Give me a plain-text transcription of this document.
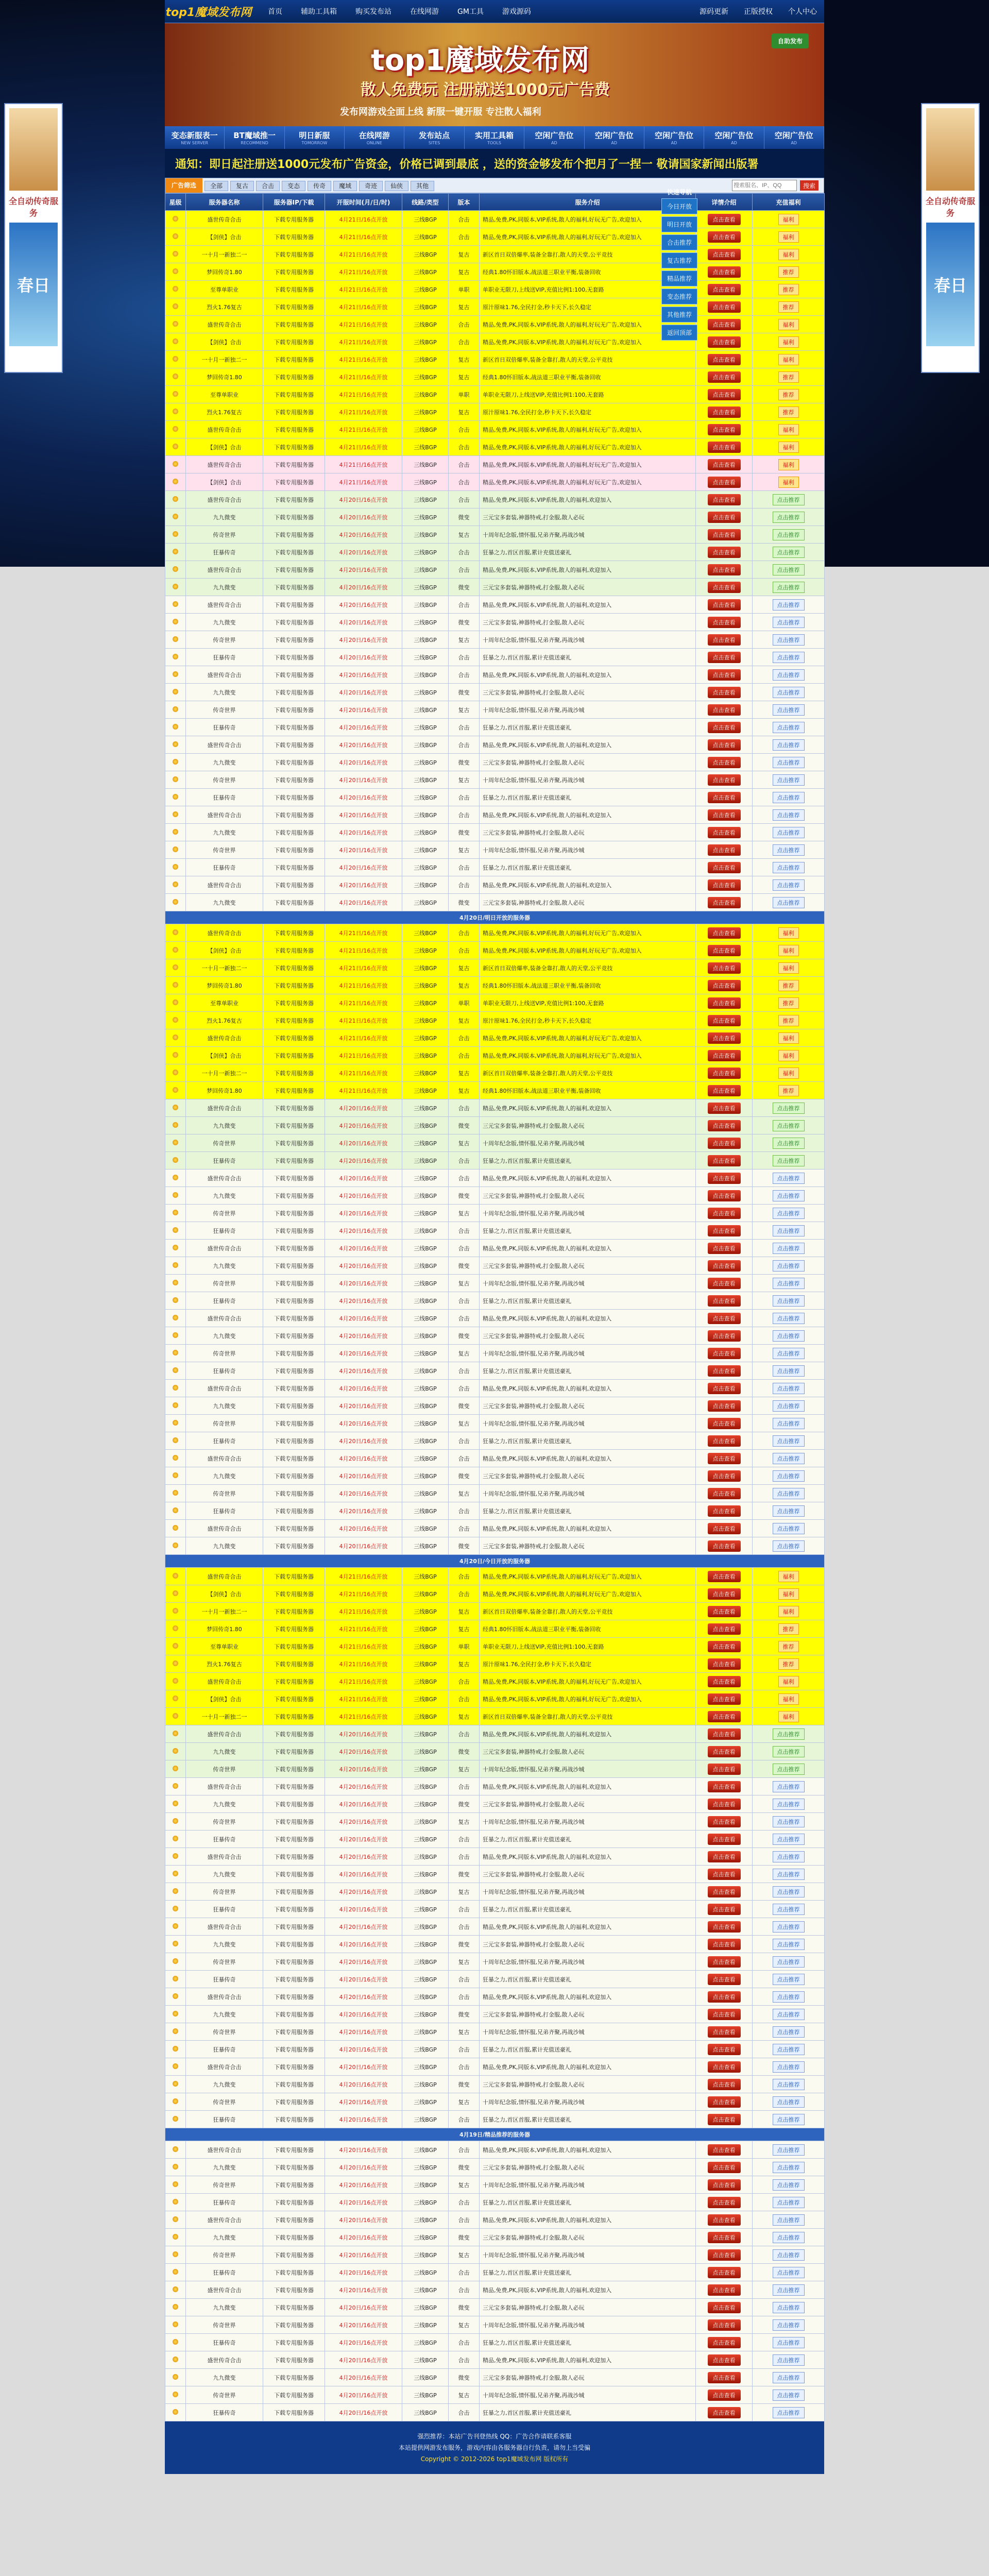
全自动传奇服务
春日
全自动传奇服务
春日
top1魔域发布网 首页	辅助工具箱	购买发布站	在线网游	GM工具	游戏源码	源码更新 正版授权 个人中心
top1魔域发布网
散人免费玩 注册就送1000元广告费
发布网游戏全面上线 新服一键开服 专注散人福利
自助发布
变态新服表一
NEW SERVER
BT魔域推一
RECOMMEND
明日新服
TOMORROW
在线网游
ONLINE
发布站点
SITES
实用工具箱
TOOLS
空闲广告位
AD
空闲广告位
AD
空闲广告位
AD
空闲广告位
AD
空闲广告位
AD
通知：即日起注册送1000元发布广告资金，价格已调到最底 ，送的资金够发布个把月了一捏一 敬请国家新闻出版署
广告筛选	全部 复古 合击 变态 传奇 魔域 奇迹 仙侠 其他
搜索服名、IP、QQ	搜索
星级	服务器名称	服务器IP/下载	开服时间(月/日/时)	线路/类型	版本	服务介绍	详情介绍	充值福利
	盛世传奇合击	下载专用服务器	4月21日/16点开放	三线BGP	合击	精品,免费,PK,同版本,VIP系统,散人的福利,好玩无广告,欢迎加入	点击查看	福利
	【剑侠】合击	下载专用服务器	4月21日/16点开放	三线BGP	合击	精品,免费,PK,同版本,VIP系统,散人的福利,好玩无广告,欢迎加入	点击查看	福利
	一十月一新独二一	下载专用服务器	4月21日/16点开放	三线BGP	复古	新区首日双倍爆率,装备全靠打,散人的天堂,公平竞技	点击查看	福利
	梦回传奇1.80	下载专用服务器	4月21日/16点开放	三线BGP	复古	经典1.80怀旧版本,战法道三职业平衡,装备回收	点击查看	推荐
	至尊单职业	下载专用服务器	4月21日/16点开放	三线BGP	单职	单职业无限刀,上线送VIP,充值比例1:100,无套路	点击查看	推荐
	烈火1.76复古	下载专用服务器	4月21日/16点开放	三线BGP	复古	原汁原味1.76,全民打金,秒卡天下,长久稳定	点击查看	推荐
	盛世传奇合击	下载专用服务器	4月21日/16点开放	三线BGP	合击	精品,免费,PK,同版本,VIP系统,散人的福利,好玩无广告,欢迎加入	点击查看	福利
	【剑侠】合击	下载专用服务器	4月21日/16点开放	三线BGP	合击	精品,免费,PK,同版本,VIP系统,散人的福利,好玩无广告,欢迎加入	点击查看	福利
	一十月一新独二一	下载专用服务器	4月21日/16点开放	三线BGP	复古	新区首日双倍爆率,装备全靠打,散人的天堂,公平竞技	点击查看	福利
	梦回传奇1.80	下载专用服务器	4月21日/16点开放	三线BGP	复古	经典1.80怀旧版本,战法道三职业平衡,装备回收	点击查看	推荐
	至尊单职业	下载专用服务器	4月21日/16点开放	三线BGP	单职	单职业无限刀,上线送VIP,充值比例1:100,无套路	点击查看	推荐
	烈火1.76复古	下载专用服务器	4月21日/16点开放	三线BGP	复古	原汁原味1.76,全民打金,秒卡天下,长久稳定	点击查看	推荐
	盛世传奇合击	下载专用服务器	4月21日/16点开放	三线BGP	合击	精品,免费,PK,同版本,VIP系统,散人的福利,好玩无广告,欢迎加入	点击查看	福利
	【剑侠】合击	下载专用服务器	4月21日/16点开放	三线BGP	合击	精品,免费,PK,同版本,VIP系统,散人的福利,好玩无广告,欢迎加入	点击查看	福利
	盛世传奇合击	下载专用服务器	4月21日/16点开放	三线BGP	合击	精品,免费,PK,同版本,VIP系统,散人的福利,好玩无广告,欢迎加入	点击查看	福利
	【剑侠】合击	下载专用服务器	4月21日/16点开放	三线BGP	合击	精品,免费,PK,同版本,VIP系统,散人的福利,好玩无广告,欢迎加入	点击查看	福利
	盛世传奇合击	下载专用服务器	4月20日/16点开放	三线BGP	合击	精品,免费,PK,同版本,VIP系统,散人的福利,欢迎加入	点击查看	点击推荐
	九九微变	下载专用服务器	4月20日/16点开放	三线BGP	微变	三元宝多套装,神器特戒,打金服,散人必玩	点击查看	点击推荐
	传奇世界	下载专用服务器	4月20日/16点开放	三线BGP	复古	十周年纪念版,情怀服,兄弟齐聚,再战沙城	点击查看	点击推荐
	狂暴传奇	下载专用服务器	4月20日/16点开放	三线BGP	合击	狂暴之力,首区首服,累计充值送豪礼	点击查看	点击推荐
	盛世传奇合击	下载专用服务器	4月20日/16点开放	三线BGP	合击	精品,免费,PK,同版本,VIP系统,散人的福利,欢迎加入	点击查看	点击推荐
	九九微变	下载专用服务器	4月20日/16点开放	三线BGP	微变	三元宝多套装,神器特戒,打金服,散人必玩	点击查看	点击推荐
	盛世传奇合击	下载专用服务器	4月20日/16点开放	三线BGP	合击	精品,免费,PK,同版本,VIP系统,散人的福利,欢迎加入	点击查看	点击推荐
	九九微变	下载专用服务器	4月20日/16点开放	三线BGP	微变	三元宝多套装,神器特戒,打金服,散人必玩	点击查看	点击推荐
	传奇世界	下载专用服务器	4月20日/16点开放	三线BGP	复古	十周年纪念版,情怀服,兄弟齐聚,再战沙城	点击查看	点击推荐
	狂暴传奇	下载专用服务器	4月20日/16点开放	三线BGP	合击	狂暴之力,首区首服,累计充值送豪礼	点击查看	点击推荐
	盛世传奇合击	下载专用服务器	4月20日/16点开放	三线BGP	合击	精品,免费,PK,同版本,VIP系统,散人的福利,欢迎加入	点击查看	点击推荐
	九九微变	下载专用服务器	4月20日/16点开放	三线BGP	微变	三元宝多套装,神器特戒,打金服,散人必玩	点击查看	点击推荐
	传奇世界	下载专用服务器	4月20日/16点开放	三线BGP	复古	十周年纪念版,情怀服,兄弟齐聚,再战沙城	点击查看	点击推荐
	狂暴传奇	下载专用服务器	4月20日/16点开放	三线BGP	合击	狂暴之力,首区首服,累计充值送豪礼	点击查看	点击推荐
	盛世传奇合击	下载专用服务器	4月20日/16点开放	三线BGP	合击	精品,免费,PK,同版本,VIP系统,散人的福利,欢迎加入	点击查看	点击推荐
	九九微变	下载专用服务器	4月20日/16点开放	三线BGP	微变	三元宝多套装,神器特戒,打金服,散人必玩	点击查看	点击推荐
	传奇世界	下载专用服务器	4月20日/16点开放	三线BGP	复古	十周年纪念版,情怀服,兄弟齐聚,再战沙城	点击查看	点击推荐
	狂暴传奇	下载专用服务器	4月20日/16点开放	三线BGP	合击	狂暴之力,首区首服,累计充值送豪礼	点击查看	点击推荐
	盛世传奇合击	下载专用服务器	4月20日/16点开放	三线BGP	合击	精品,免费,PK,同版本,VIP系统,散人的福利,欢迎加入	点击查看	点击推荐
	九九微变	下载专用服务器	4月20日/16点开放	三线BGP	微变	三元宝多套装,神器特戒,打金服,散人必玩	点击查看	点击推荐
	传奇世界	下载专用服务器	4月20日/16点开放	三线BGP	复古	十周年纪念版,情怀服,兄弟齐聚,再战沙城	点击查看	点击推荐
	狂暴传奇	下载专用服务器	4月20日/16点开放	三线BGP	合击	狂暴之力,首区首服,累计充值送豪礼	点击查看	点击推荐
	盛世传奇合击	下载专用服务器	4月20日/16点开放	三线BGP	合击	精品,免费,PK,同版本,VIP系统,散人的福利,欢迎加入	点击查看	点击推荐
	九九微变	下载专用服务器	4月20日/16点开放	三线BGP	微变	三元宝多套装,神器特戒,打金服,散人必玩	点击查看	点击推荐
4月20日/明日开放的服务器								
	盛世传奇合击	下载专用服务器	4月21日/16点开放	三线BGP	合击	精品,免费,PK,同版本,VIP系统,散人的福利,好玩无广告,欢迎加入	点击查看	福利
	【剑侠】合击	下载专用服务器	4月21日/16点开放	三线BGP	合击	精品,免费,PK,同版本,VIP系统,散人的福利,好玩无广告,欢迎加入	点击查看	福利
	一十月一新独二一	下载专用服务器	4月21日/16点开放	三线BGP	复古	新区首日双倍爆率,装备全靠打,散人的天堂,公平竞技	点击查看	福利
	梦回传奇1.80	下载专用服务器	4月21日/16点开放	三线BGP	复古	经典1.80怀旧版本,战法道三职业平衡,装备回收	点击查看	推荐
	至尊单职业	下载专用服务器	4月21日/16点开放	三线BGP	单职	单职业无限刀,上线送VIP,充值比例1:100,无套路	点击查看	推荐
	烈火1.76复古	下载专用服务器	4月21日/16点开放	三线BGP	复古	原汁原味1.76,全民打金,秒卡天下,长久稳定	点击查看	推荐
	盛世传奇合击	下载专用服务器	4月21日/16点开放	三线BGP	合击	精品,免费,PK,同版本,VIP系统,散人的福利,好玩无广告,欢迎加入	点击查看	福利
	【剑侠】合击	下载专用服务器	4月21日/16点开放	三线BGP	合击	精品,免费,PK,同版本,VIP系统,散人的福利,好玩无广告,欢迎加入	点击查看	福利
	一十月一新独二一	下载专用服务器	4月21日/16点开放	三线BGP	复古	新区首日双倍爆率,装备全靠打,散人的天堂,公平竞技	点击查看	福利
	梦回传奇1.80	下载专用服务器	4月21日/16点开放	三线BGP	复古	经典1.80怀旧版本,战法道三职业平衡,装备回收	点击查看	推荐
	盛世传奇合击	下载专用服务器	4月20日/16点开放	三线BGP	合击	精品,免费,PK,同版本,VIP系统,散人的福利,欢迎加入	点击查看	点击推荐
	九九微变	下载专用服务器	4月20日/16点开放	三线BGP	微变	三元宝多套装,神器特戒,打金服,散人必玩	点击查看	点击推荐
	传奇世界	下载专用服务器	4月20日/16点开放	三线BGP	复古	十周年纪念版,情怀服,兄弟齐聚,再战沙城	点击查看	点击推荐
	狂暴传奇	下载专用服务器	4月20日/16点开放	三线BGP	合击	狂暴之力,首区首服,累计充值送豪礼	点击查看	点击推荐
	盛世传奇合击	下载专用服务器	4月20日/16点开放	三线BGP	合击	精品,免费,PK,同版本,VIP系统,散人的福利,欢迎加入	点击查看	点击推荐
	九九微变	下载专用服务器	4月20日/16点开放	三线BGP	微变	三元宝多套装,神器特戒,打金服,散人必玩	点击查看	点击推荐
	传奇世界	下载专用服务器	4月20日/16点开放	三线BGP	复古	十周年纪念版,情怀服,兄弟齐聚,再战沙城	点击查看	点击推荐
	狂暴传奇	下载专用服务器	4月20日/16点开放	三线BGP	合击	狂暴之力,首区首服,累计充值送豪礼	点击查看	点击推荐
	盛世传奇合击	下载专用服务器	4月20日/16点开放	三线BGP	合击	精品,免费,PK,同版本,VIP系统,散人的福利,欢迎加入	点击查看	点击推荐
	九九微变	下载专用服务器	4月20日/16点开放	三线BGP	微变	三元宝多套装,神器特戒,打金服,散人必玩	点击查看	点击推荐
	传奇世界	下载专用服务器	4月20日/16点开放	三线BGP	复古	十周年纪念版,情怀服,兄弟齐聚,再战沙城	点击查看	点击推荐
	狂暴传奇	下载专用服务器	4月20日/16点开放	三线BGP	合击	狂暴之力,首区首服,累计充值送豪礼	点击查看	点击推荐
	盛世传奇合击	下载专用服务器	4月20日/16点开放	三线BGP	合击	精品,免费,PK,同版本,VIP系统,散人的福利,欢迎加入	点击查看	点击推荐
	九九微变	下载专用服务器	4月20日/16点开放	三线BGP	微变	三元宝多套装,神器特戒,打金服,散人必玩	点击查看	点击推荐
	传奇世界	下载专用服务器	4月20日/16点开放	三线BGP	复古	十周年纪念版,情怀服,兄弟齐聚,再战沙城	点击查看	点击推荐
	狂暴传奇	下载专用服务器	4月20日/16点开放	三线BGP	合击	狂暴之力,首区首服,累计充值送豪礼	点击查看	点击推荐
	盛世传奇合击	下载专用服务器	4月20日/16点开放	三线BGP	合击	精品,免费,PK,同版本,VIP系统,散人的福利,欢迎加入	点击查看	点击推荐
	九九微变	下载专用服务器	4月20日/16点开放	三线BGP	微变	三元宝多套装,神器特戒,打金服,散人必玩	点击查看	点击推荐
	传奇世界	下载专用服务器	4月20日/16点开放	三线BGP	复古	十周年纪念版,情怀服,兄弟齐聚,再战沙城	点击查看	点击推荐
	狂暴传奇	下载专用服务器	4月20日/16点开放	三线BGP	合击	狂暴之力,首区首服,累计充值送豪礼	点击查看	点击推荐
	盛世传奇合击	下载专用服务器	4月20日/16点开放	三线BGP	合击	精品,免费,PK,同版本,VIP系统,散人的福利,欢迎加入	点击查看	点击推荐
	九九微变	下载专用服务器	4月20日/16点开放	三线BGP	微变	三元宝多套装,神器特戒,打金服,散人必玩	点击查看	点击推荐
	传奇世界	下载专用服务器	4月20日/16点开放	三线BGP	复古	十周年纪念版,情怀服,兄弟齐聚,再战沙城	点击查看	点击推荐
	狂暴传奇	下载专用服务器	4月20日/16点开放	三线BGP	合击	狂暴之力,首区首服,累计充值送豪礼	点击查看	点击推荐
	盛世传奇合击	下载专用服务器	4月20日/16点开放	三线BGP	合击	精品,免费,PK,同版本,VIP系统,散人的福利,欢迎加入	点击查看	点击推荐
	九九微变	下载专用服务器	4月20日/16点开放	三线BGP	微变	三元宝多套装,神器特戒,打金服,散人必玩	点击查看	点击推荐
4月20日/今日开放的服务器								
	盛世传奇合击	下载专用服务器	4月21日/16点开放	三线BGP	合击	精品,免费,PK,同版本,VIP系统,散人的福利,好玩无广告,欢迎加入	点击查看	福利
	【剑侠】合击	下载专用服务器	4月21日/16点开放	三线BGP	合击	精品,免费,PK,同版本,VIP系统,散人的福利,好玩无广告,欢迎加入	点击查看	福利
	一十月一新独二一	下载专用服务器	4月21日/16点开放	三线BGP	复古	新区首日双倍爆率,装备全靠打,散人的天堂,公平竞技	点击查看	福利
	梦回传奇1.80	下载专用服务器	4月21日/16点开放	三线BGP	复古	经典1.80怀旧版本,战法道三职业平衡,装备回收	点击查看	推荐
	至尊单职业	下载专用服务器	4月21日/16点开放	三线BGP	单职	单职业无限刀,上线送VIP,充值比例1:100,无套路	点击查看	推荐
	烈火1.76复古	下载专用服务器	4月21日/16点开放	三线BGP	复古	原汁原味1.76,全民打金,秒卡天下,长久稳定	点击查看	推荐
	盛世传奇合击	下载专用服务器	4月21日/16点开放	三线BGP	合击	精品,免费,PK,同版本,VIP系统,散人的福利,好玩无广告,欢迎加入	点击查看	福利
	【剑侠】合击	下载专用服务器	4月21日/16点开放	三线BGP	合击	精品,免费,PK,同版本,VIP系统,散人的福利,好玩无广告,欢迎加入	点击查看	福利
	一十月一新独二一	下载专用服务器	4月21日/16点开放	三线BGP	复古	新区首日双倍爆率,装备全靠打,散人的天堂,公平竞技	点击查看	福利
	盛世传奇合击	下载专用服务器	4月20日/16点开放	三线BGP	合击	精品,免费,PK,同版本,VIP系统,散人的福利,欢迎加入	点击查看	点击推荐
	九九微变	下载专用服务器	4月20日/16点开放	三线BGP	微变	三元宝多套装,神器特戒,打金服,散人必玩	点击查看	点击推荐
	传奇世界	下载专用服务器	4月20日/16点开放	三线BGP	复古	十周年纪念版,情怀服,兄弟齐聚,再战沙城	点击查看	点击推荐
	盛世传奇合击	下载专用服务器	4月20日/16点开放	三线BGP	合击	精品,免费,PK,同版本,VIP系统,散人的福利,欢迎加入	点击查看	点击推荐
	九九微变	下载专用服务器	4月20日/16点开放	三线BGP	微变	三元宝多套装,神器特戒,打金服,散人必玩	点击查看	点击推荐
	传奇世界	下载专用服务器	4月20日/16点开放	三线BGP	复古	十周年纪念版,情怀服,兄弟齐聚,再战沙城	点击查看	点击推荐
	狂暴传奇	下载专用服务器	4月20日/16点开放	三线BGP	合击	狂暴之力,首区首服,累计充值送豪礼	点击查看	点击推荐
	盛世传奇合击	下载专用服务器	4月20日/16点开放	三线BGP	合击	精品,免费,PK,同版本,VIP系统,散人的福利,欢迎加入	点击查看	点击推荐
	九九微变	下载专用服务器	4月20日/16点开放	三线BGP	微变	三元宝多套装,神器特戒,打金服,散人必玩	点击查看	点击推荐
	传奇世界	下载专用服务器	4月20日/16点开放	三线BGP	复古	十周年纪念版,情怀服,兄弟齐聚,再战沙城	点击查看	点击推荐
	狂暴传奇	下载专用服务器	4月20日/16点开放	三线BGP	合击	狂暴之力,首区首服,累计充值送豪礼	点击查看	点击推荐
	盛世传奇合击	下载专用服务器	4月20日/16点开放	三线BGP	合击	精品,免费,PK,同版本,VIP系统,散人的福利,欢迎加入	点击查看	点击推荐
	九九微变	下载专用服务器	4月20日/16点开放	三线BGP	微变	三元宝多套装,神器特戒,打金服,散人必玩	点击查看	点击推荐
	传奇世界	下载专用服务器	4月20日/16点开放	三线BGP	复古	十周年纪念版,情怀服,兄弟齐聚,再战沙城	点击查看	点击推荐
	狂暴传奇	下载专用服务器	4月20日/16点开放	三线BGP	合击	狂暴之力,首区首服,累计充值送豪礼	点击查看	点击推荐
	盛世传奇合击	下载专用服务器	4月20日/16点开放	三线BGP	合击	精品,免费,PK,同版本,VIP系统,散人的福利,欢迎加入	点击查看	点击推荐
	九九微变	下载专用服务器	4月20日/16点开放	三线BGP	微变	三元宝多套装,神器特戒,打金服,散人必玩	点击查看	点击推荐
	传奇世界	下载专用服务器	4月20日/16点开放	三线BGP	复古	十周年纪念版,情怀服,兄弟齐聚,再战沙城	点击查看	点击推荐
	狂暴传奇	下载专用服务器	4月20日/16点开放	三线BGP	合击	狂暴之力,首区首服,累计充值送豪礼	点击查看	点击推荐
	盛世传奇合击	下载专用服务器	4月20日/16点开放	三线BGP	合击	精品,免费,PK,同版本,VIP系统,散人的福利,欢迎加入	点击查看	点击推荐
	九九微变	下载专用服务器	4月20日/16点开放	三线BGP	微变	三元宝多套装,神器特戒,打金服,散人必玩	点击查看	点击推荐
	传奇世界	下载专用服务器	4月20日/16点开放	三线BGP	复古	十周年纪念版,情怀服,兄弟齐聚,再战沙城	点击查看	点击推荐
	狂暴传奇	下载专用服务器	4月20日/16点开放	三线BGP	合击	狂暴之力,首区首服,累计充值送豪礼	点击查看	点击推荐
4月19日/精品推荐的服务器								
	盛世传奇合击	下载专用服务器	4月20日/16点开放	三线BGP	合击	精品,免费,PK,同版本,VIP系统,散人的福利,欢迎加入	点击查看	点击推荐
	九九微变	下载专用服务器	4月20日/16点开放	三线BGP	微变	三元宝多套装,神器特戒,打金服,散人必玩	点击查看	点击推荐
	传奇世界	下载专用服务器	4月20日/16点开放	三线BGP	复古	十周年纪念版,情怀服,兄弟齐聚,再战沙城	点击查看	点击推荐
	狂暴传奇	下载专用服务器	4月20日/16点开放	三线BGP	合击	狂暴之力,首区首服,累计充值送豪礼	点击查看	点击推荐
	盛世传奇合击	下载专用服务器	4月20日/16点开放	三线BGP	合击	精品,免费,PK,同版本,VIP系统,散人的福利,欢迎加入	点击查看	点击推荐
	九九微变	下载专用服务器	4月20日/16点开放	三线BGP	微变	三元宝多套装,神器特戒,打金服,散人必玩	点击查看	点击推荐
	传奇世界	下载专用服务器	4月20日/16点开放	三线BGP	复古	十周年纪念版,情怀服,兄弟齐聚,再战沙城	点击查看	点击推荐
	狂暴传奇	下载专用服务器	4月20日/16点开放	三线BGP	合击	狂暴之力,首区首服,累计充值送豪礼	点击查看	点击推荐
	盛世传奇合击	下载专用服务器	4月20日/16点开放	三线BGP	合击	精品,免费,PK,同版本,VIP系统,散人的福利,欢迎加入	点击查看	点击推荐
	九九微变	下载专用服务器	4月20日/16点开放	三线BGP	微变	三元宝多套装,神器特戒,打金服,散人必玩	点击查看	点击推荐
	传奇世界	下载专用服务器	4月20日/16点开放	三线BGP	复古	十周年纪念版,情怀服,兄弟齐聚,再战沙城	点击查看	点击推荐
	狂暴传奇	下载专用服务器	4月20日/16点开放	三线BGP	合击	狂暴之力,首区首服,累计充值送豪礼	点击查看	点击推荐
	盛世传奇合击	下载专用服务器	4月20日/16点开放	三线BGP	合击	精品,免费,PK,同版本,VIP系统,散人的福利,欢迎加入	点击查看	点击推荐
	九九微变	下载专用服务器	4月20日/16点开放	三线BGP	微变	三元宝多套装,神器特戒,打金服,散人必玩	点击查看	点击推荐
	传奇世界	下载专用服务器	4月20日/16点开放	三线BGP	复古	十周年纪念版,情怀服,兄弟齐聚,再战沙城	点击查看	点击推荐
	狂暴传奇	下载专用服务器	4月20日/16点开放	三线BGP	合击	狂暴之力,首区首服,累计充值送豪礼	点击查看	点击推荐
强烈推荐：本站广告刊登热线 QQ：广告合作请联系客服
本站提供网游发布服务，游戏内容由各服务器自行负责，请勿上当受骗
Copyright © 2012-2026 top1魔域发布网 版权所有
快速导航
今日开放
明日开放
合击推荐
复古推荐
精品推荐
变态推荐
其他推荐
返回顶部
